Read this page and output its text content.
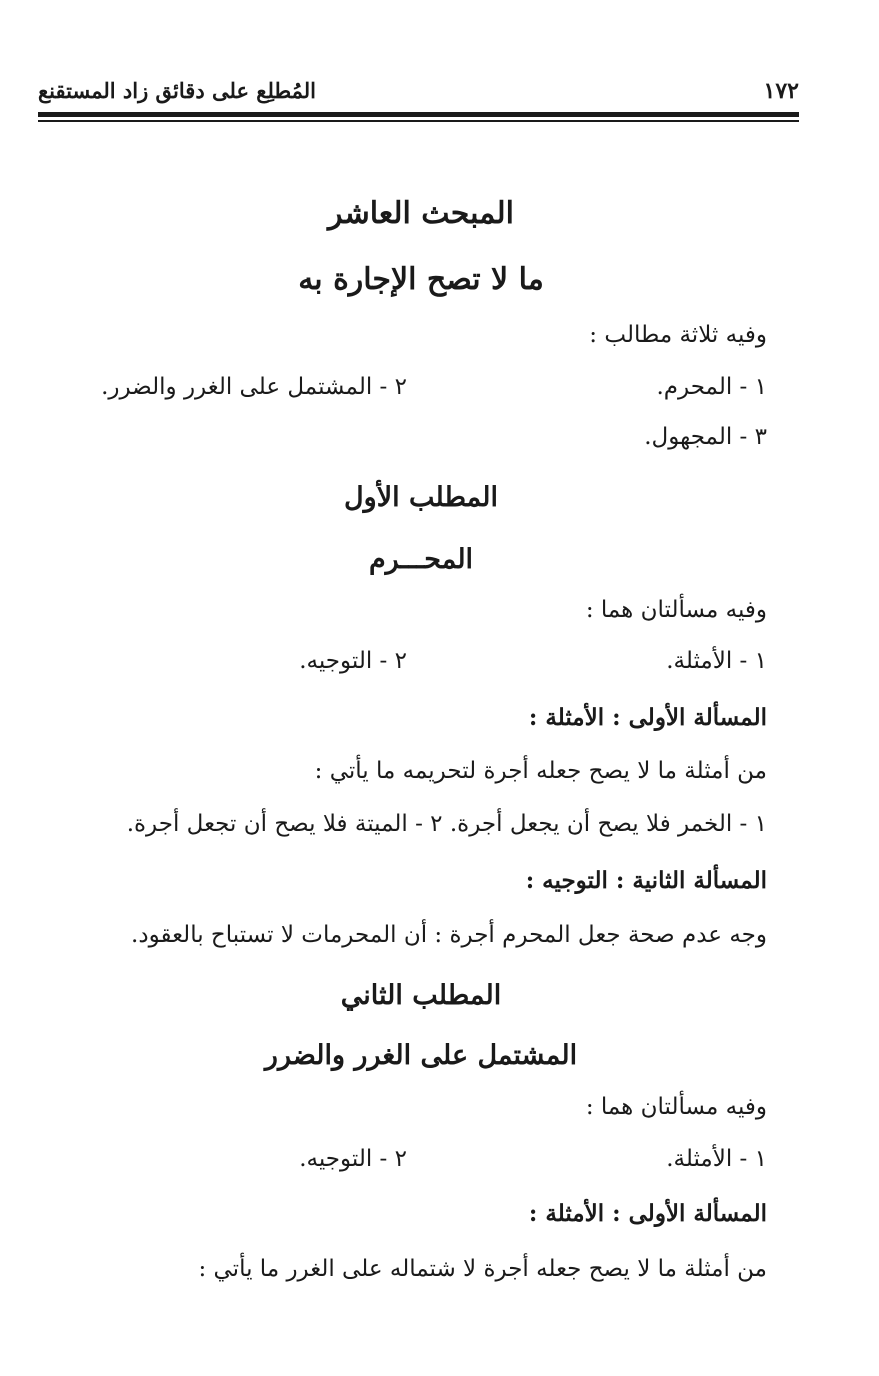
١٧٢
المُطلِع على دقائق زاد المستقنع
المبحث العاشر
ما لا تصح الإجارة به
وفيه ثلاثة مطالب :
١ - المحرم.
٢ - المشتمل على الغرر والضرر.
٣ - المجهول.
المطلب الأول
المحـــرم
وفيه مسألتان هما :
١ - الأمثلة.
٢ - التوجيه.
المسألة الأولى : الأمثلة :
من أمثلة ما لا يصح جعله أجرة لتحريمه ما يأتي :
١ - الخمر فلا يصح أن يجعل أجرة. ٢ - الميتة فلا يصح أن تجعل أجرة.
المسألة الثانية : التوجيه :
وجه عدم صحة جعل المحرم أجرة : أن المحرمات لا تستباح بالعقود.
المطلب الثاني
المشتمل على الغرر والضرر
وفيه مسألتان هما :
١ - الأمثلة.
٢ - التوجيه.
المسألة الأولى : الأمثلة :
من أمثلة ما لا يصح جعله أجرة لا شتماله على الغرر ما يأتي :
